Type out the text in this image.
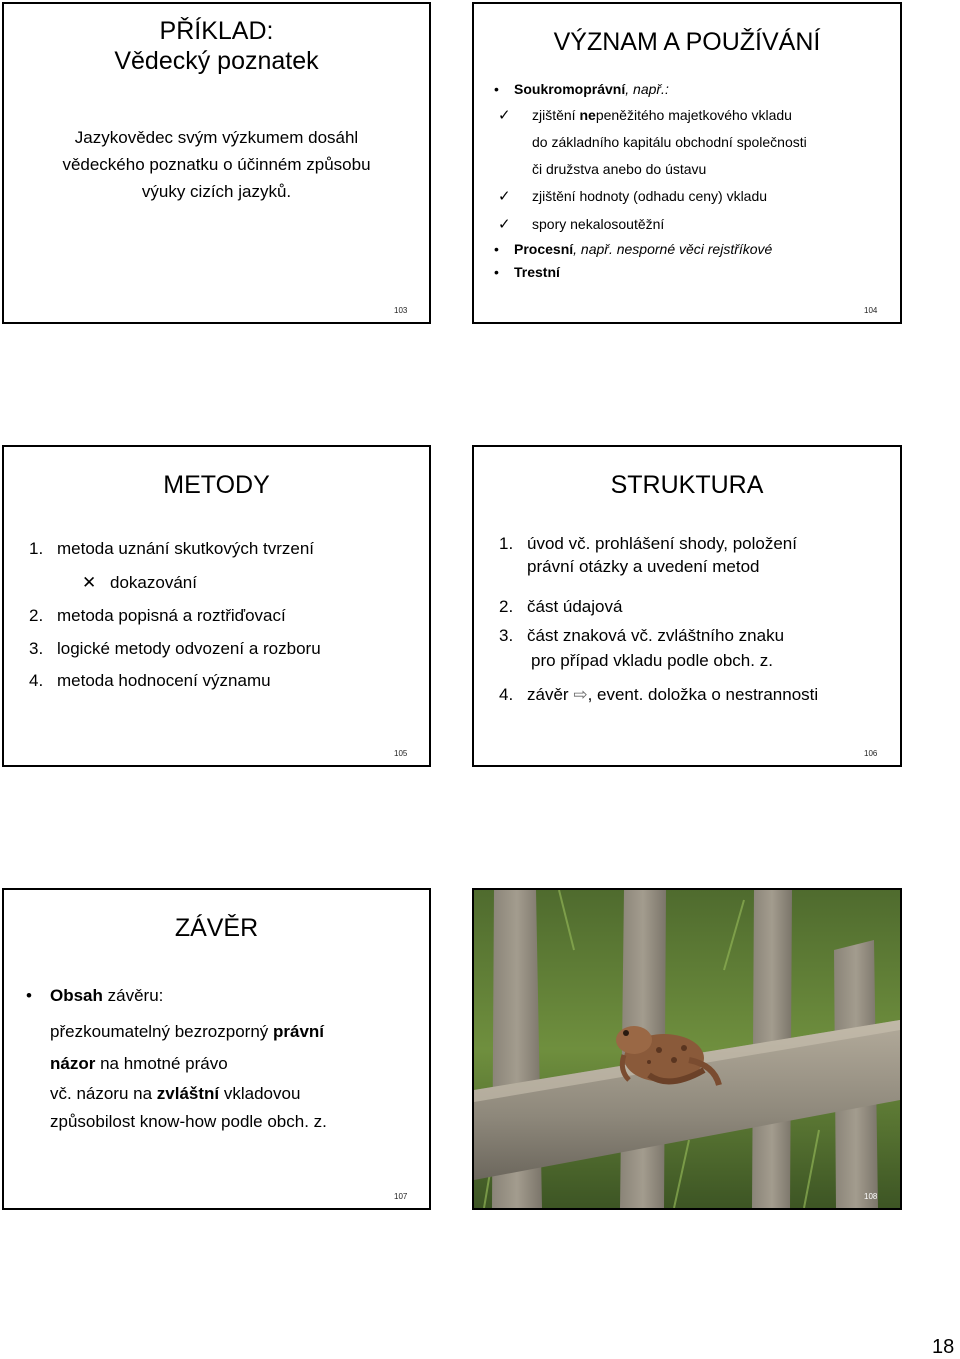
PŘÍKLAD:
Vědecký poznatek
Jazykovědec svým výzkumem dosáhl
vědeckého poznatku o účinném způsobu
výuky cizích jazyků.
103
VÝZNAM A POUŽÍVÁNÍ
• Soukromoprávní, např.:
✓ zjištění nepeněžitého majetkového vkladu
do základního kapitálu obchodní společnosti
či družstva anebo do ústavu
✓ zjištění hodnoty (odhadu ceny) vkladu
✓ spory nekalosoutěžní
• Procesní, např. nesporné věci rejstříkové
• Trestní
104
METODY
1. metoda uznání skutkových tvrzení
✕ dokazování
2. metoda popisná a roztřiďovací
3. logické metody odvození a rozboru
4. metoda hodnocení významu
105
STRUKTURA
1. úvod vč. prohlášení shody, položení
právní otázky a uvedení metod
2. část údajová
3. část znaková vč. zvláštního znaku
pro případ vkladu podle obch. z.
4. závěr ⇨, event. doložka o nestrannosti
106
ZÁVĚR
• Obsah závěru:
přezkoumatelný bezrozporný právní
názor na hmotné právo
vč. názoru na zvláštní vkladovou
způsobilost know-how podle obch. z.
107	108
18
